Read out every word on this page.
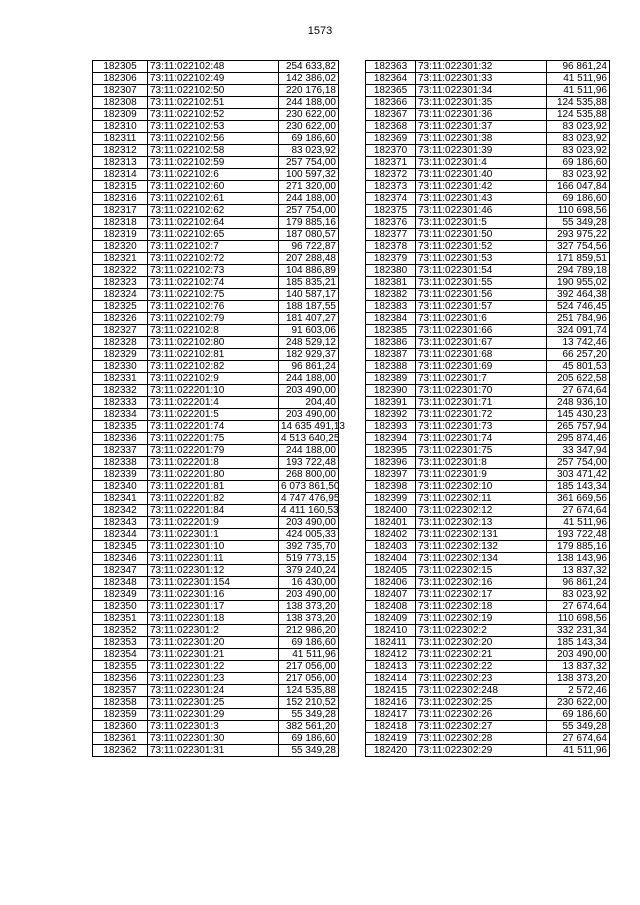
1573
182305	73:11:022102:48	254 633,82
182306	73:11:022102:49	142 386,02
182307	73:11:022102:50	220 176,18
182308	73:11:022102:51	244 188,00
182309	73:11:022102:52	230 622,00
182310	73:11:022102:53	230 622,00
182311	73:11:022102:56	69 186,60
182312	73:11:022102:58	83 023,92
182313	73:11:022102:59	257 754,00
182314	73:11:022102:6	100 597,32
182315	73:11:022102:60	271 320,00
182316	73:11:022102:61	244 188,00
182317	73:11:022102:62	257 754,00
182318	73:11:022102:64	179 885,16
182319	73:11:022102:65	187 080,57
182320	73:11:022102:7	96 722,87
182321	73:11:022102:72	207 288,48
182322	73:11:022102:73	104 886,89
182323	73:11:022102:74	185 835,21
182324	73:11:022102:75	140 587,17
182325	73:11:022102:76	188 187,55
182326	73:11:022102:79	181 407,27
182327	73:11:022102:8	91 603,06
182328	73:11:022102:80	248 529,12
182329	73:11:022102:81	182 929,37
182330	73:11:022102:82	96 861,24
182331	73:11:022102:9	244 188,00
182332	73:11:022201:10	203 490,00
182333	73:11:022201:4	204,40
182334	73:11:022201:5	203 490,00
182335	73:11:022201:74	14 635 491,13
182336	73:11:022201:75	4 513 640,25
182337	73:11:022201:79	244 188,00
182338	73:11:022201:8	193 722,48
182339	73:11:022201:80	268 800,00
182340	73:11:022201:81	6 073 861,50
182341	73:11:022201:82	4 747 476,95
182342	73:11:022201:84	4 411 160,53
182343	73:11:022201:9	203 490,00
182344	73:11:022301:1	424 005,33
182345	73:11:022301:10	392 735,70
182346	73:11:022301:11	519 773,15
182347	73:11:022301:12	379 240,24
182348	73:11:022301:154	16 430,00
182349	73:11:022301:16	203 490,00
182350	73:11:022301:17	138 373,20
182351	73:11:022301:18	138 373,20
182352	73:11:022301:2	212 986,20
182353	73:11:022301:20	69 186,60
182354	73:11:022301:21	41 511,96
182355	73:11:022301:22	217 056,00
182356	73:11:022301:23	217 056,00
182357	73:11:022301:24	124 535,88
182358	73:11:022301:25	152 210,52
182359	73:11:022301:29	55 349,28
182360	73:11:022301:3	382 561,20
182361	73:11:022301:30	69 186,60
182362	73:11:022301:31	55 349,28
182363	73:11:022301:32	96 861,24
182364	73:11:022301:33	41 511,96
182365	73:11:022301:34	41 511,96
182366	73:11:022301:35	124 535,88
182367	73:11:022301:36	124 535,88
182368	73:11:022301:37	83 023,92
182369	73:11:022301:38	83 023,92
182370	73:11:022301:39	83 023,92
182371	73:11:022301:4	69 186,60
182372	73:11:022301:40	83 023,92
182373	73:11:022301:42	166 047,84
182374	73:11:022301:43	69 186,60
182375	73:11:022301:46	110 698,56
182376	73:11:022301:5	55 349,28
182377	73:11:022301:50	293 975,22
182378	73:11:022301:52	327 754,56
182379	73:11:022301:53	171 859,51
182380	73:11:022301:54	294 789,18
182381	73:11:022301:55	190 955,02
182382	73:11:022301:56	392 464,38
182383	73:11:022301:57	524 746,45
182384	73:11:022301:6	251 784,96
182385	73:11:022301:66	324 091,74
182386	73:11:022301:67	13 742,46
182387	73:11:022301:68	66 257,20
182388	73:11:022301:69	45 801,53
182389	73:11:022301:7	205 622,58
182390	73:11:022301:70	27 674,64
182391	73:11:022301:71	248 936,10
182392	73:11:022301:72	145 430,23
182393	73:11:022301:73	265 757,94
182394	73:11:022301:74	295 874,46
182395	73:11:022301:75	33 347,94
182396	73:11:022301:8	257 754,00
182397	73:11:022301:9	303 471,42
182398	73:11:022302:10	185 143,34
182399	73:11:022302:11	361 669,56
182400	73:11:022302:12	27 674,64
182401	73:11:022302:13	41 511,96
182402	73:11:022302:131	193 722,48
182403	73:11:022302:132	179 885,16
182404	73:11:022302:134	138 143,96
182405	73:11:022302:15	13 837,32
182406	73:11:022302:16	96 861,24
182407	73:11:022302:17	83 023,92
182408	73:11:022302:18	27 674,64
182409	73:11:022302:19	110 698,56
182410	73:11:022302:2	332 231,34
182411	73:11:022302:20	185 143,34
182412	73:11:022302:21	203 490,00
182413	73:11:022302:22	13 837,32
182414	73:11:022302:23	138 373,20
182415	73:11:022302:248	2 572,46
182416	73:11:022302:25	230 622,00
182417	73:11:022302:26	69 186,60
182418	73:11:022302:27	55 349,28
182419	73:11:022302:28	27 674,64
182420	73:11:022302:29	41 511,96
